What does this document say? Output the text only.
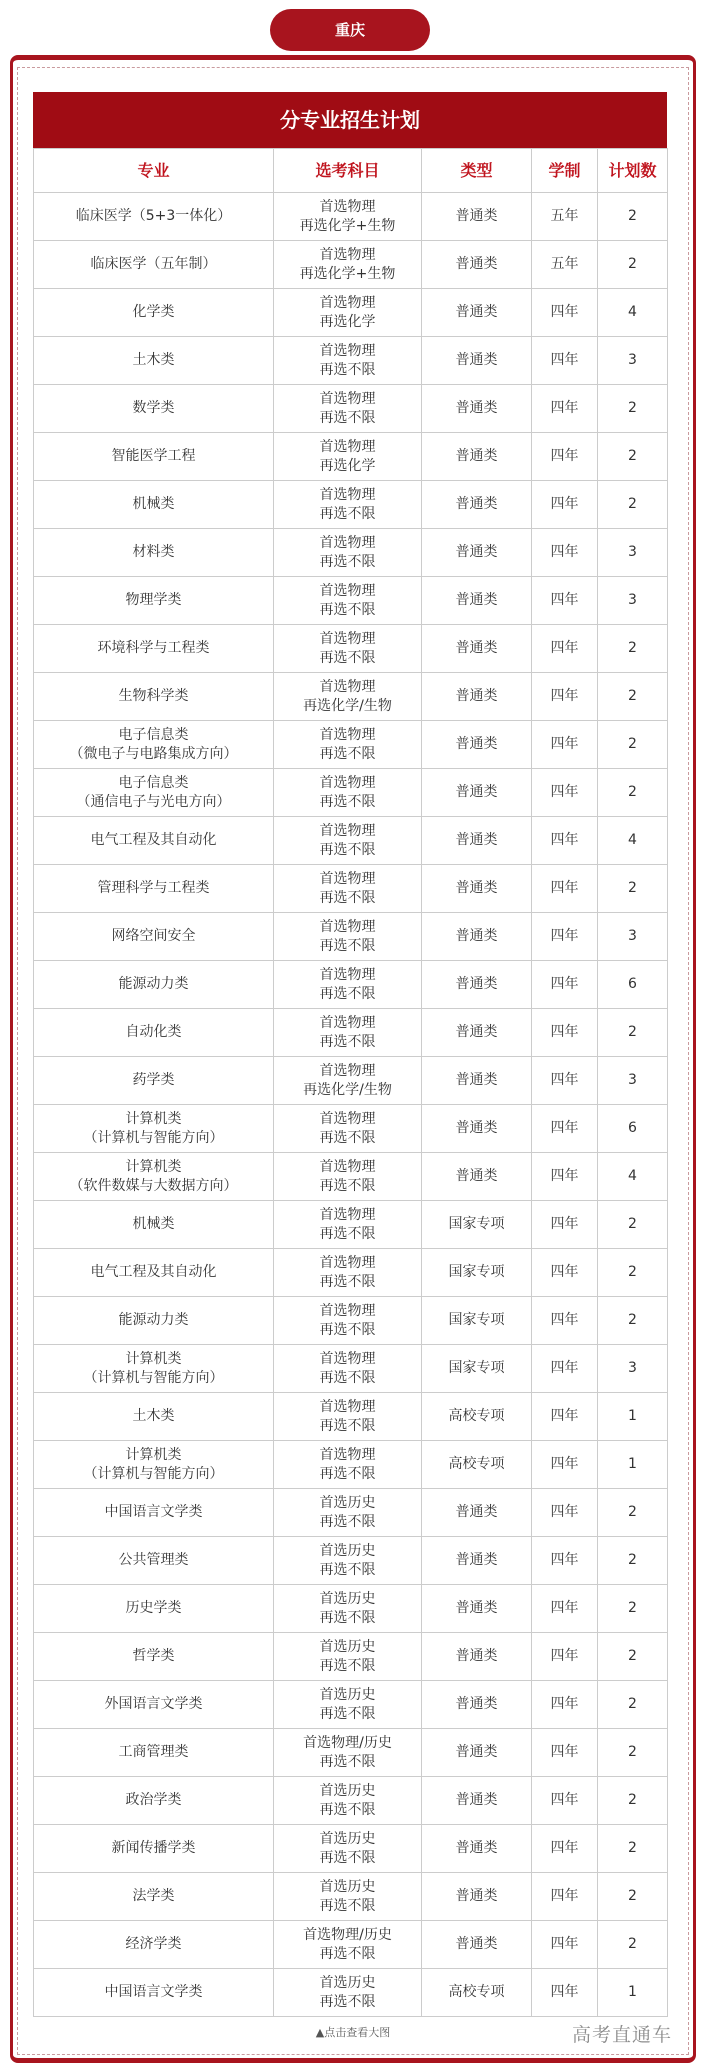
重庆
分专业招生计划
专业	选考科目	类型	学制	计划数

临床医学（5+3一体化）	首选物理
再选化学+生物	普通类	五年	2

临床医学（五年制）	首选物理
再选化学+生物	普通类	五年	2

化学类	首选物理
再选化学	普通类	四年	4

土木类	首选物理
再选不限	普通类	四年	3

数学类	首选物理
再选不限	普通类	四年	2

智能医学工程	首选物理
再选化学	普通类	四年	2

机械类	首选物理
再选不限	普通类	四年	2

材料类	首选物理
再选不限	普通类	四年	3

物理学类	首选物理
再选不限	普通类	四年	3

环境科学与工程类	首选物理
再选不限	普通类	四年	2

生物科学类	首选物理
再选化学/生物	普通类	四年	2

电子信息类
（微电子与电路集成方向）	首选物理
再选不限	普通类	四年	2

电子信息类
（通信电子与光电方向）	首选物理
再选不限	普通类	四年	2

电气工程及其自动化	首选物理
再选不限	普通类	四年	4

管理科学与工程类	首选物理
再选不限	普通类	四年	2

网络空间安全	首选物理
再选不限	普通类	四年	3

能源动力类	首选物理
再选不限	普通类	四年	6

自动化类	首选物理
再选不限	普通类	四年	2

药学类	首选物理
再选化学/生物	普通类	四年	3

计算机类
（计算机与智能方向）	首选物理
再选不限	普通类	四年	6

计算机类
（软件数媒与大数据方向）	首选物理
再选不限	普通类	四年	4

机械类	首选物理
再选不限	国家专项	四年	2

电气工程及其自动化	首选物理
再选不限	国家专项	四年	2

能源动力类	首选物理
再选不限	国家专项	四年	2

计算机类
（计算机与智能方向）	首选物理
再选不限	国家专项	四年	3

土木类	首选物理
再选不限	高校专项	四年	1

计算机类
（计算机与智能方向）	首选物理
再选不限	高校专项	四年	1

中国语言文学类	首选历史
再选不限	普通类	四年	2

公共管理类	首选历史
再选不限	普通类	四年	2

历史学类	首选历史
再选不限	普通类	四年	2

哲学类	首选历史
再选不限	普通类	四年	2

外国语言文学类	首选历史
再选不限	普通类	四年	2

工商管理类	首选物理/历史
再选不限	普通类	四年	2

政治学类	首选历史
再选不限	普通类	四年	2

新闻传播学类	首选历史
再选不限	普通类	四年	2

法学类	首选历史
再选不限	普通类	四年	2

经济学类	首选物理/历史
再选不限	普通类	四年	2

中国语言文学类	首选历史
再选不限	高校专项	四年	1
▲点击查看大图	高考直通车
